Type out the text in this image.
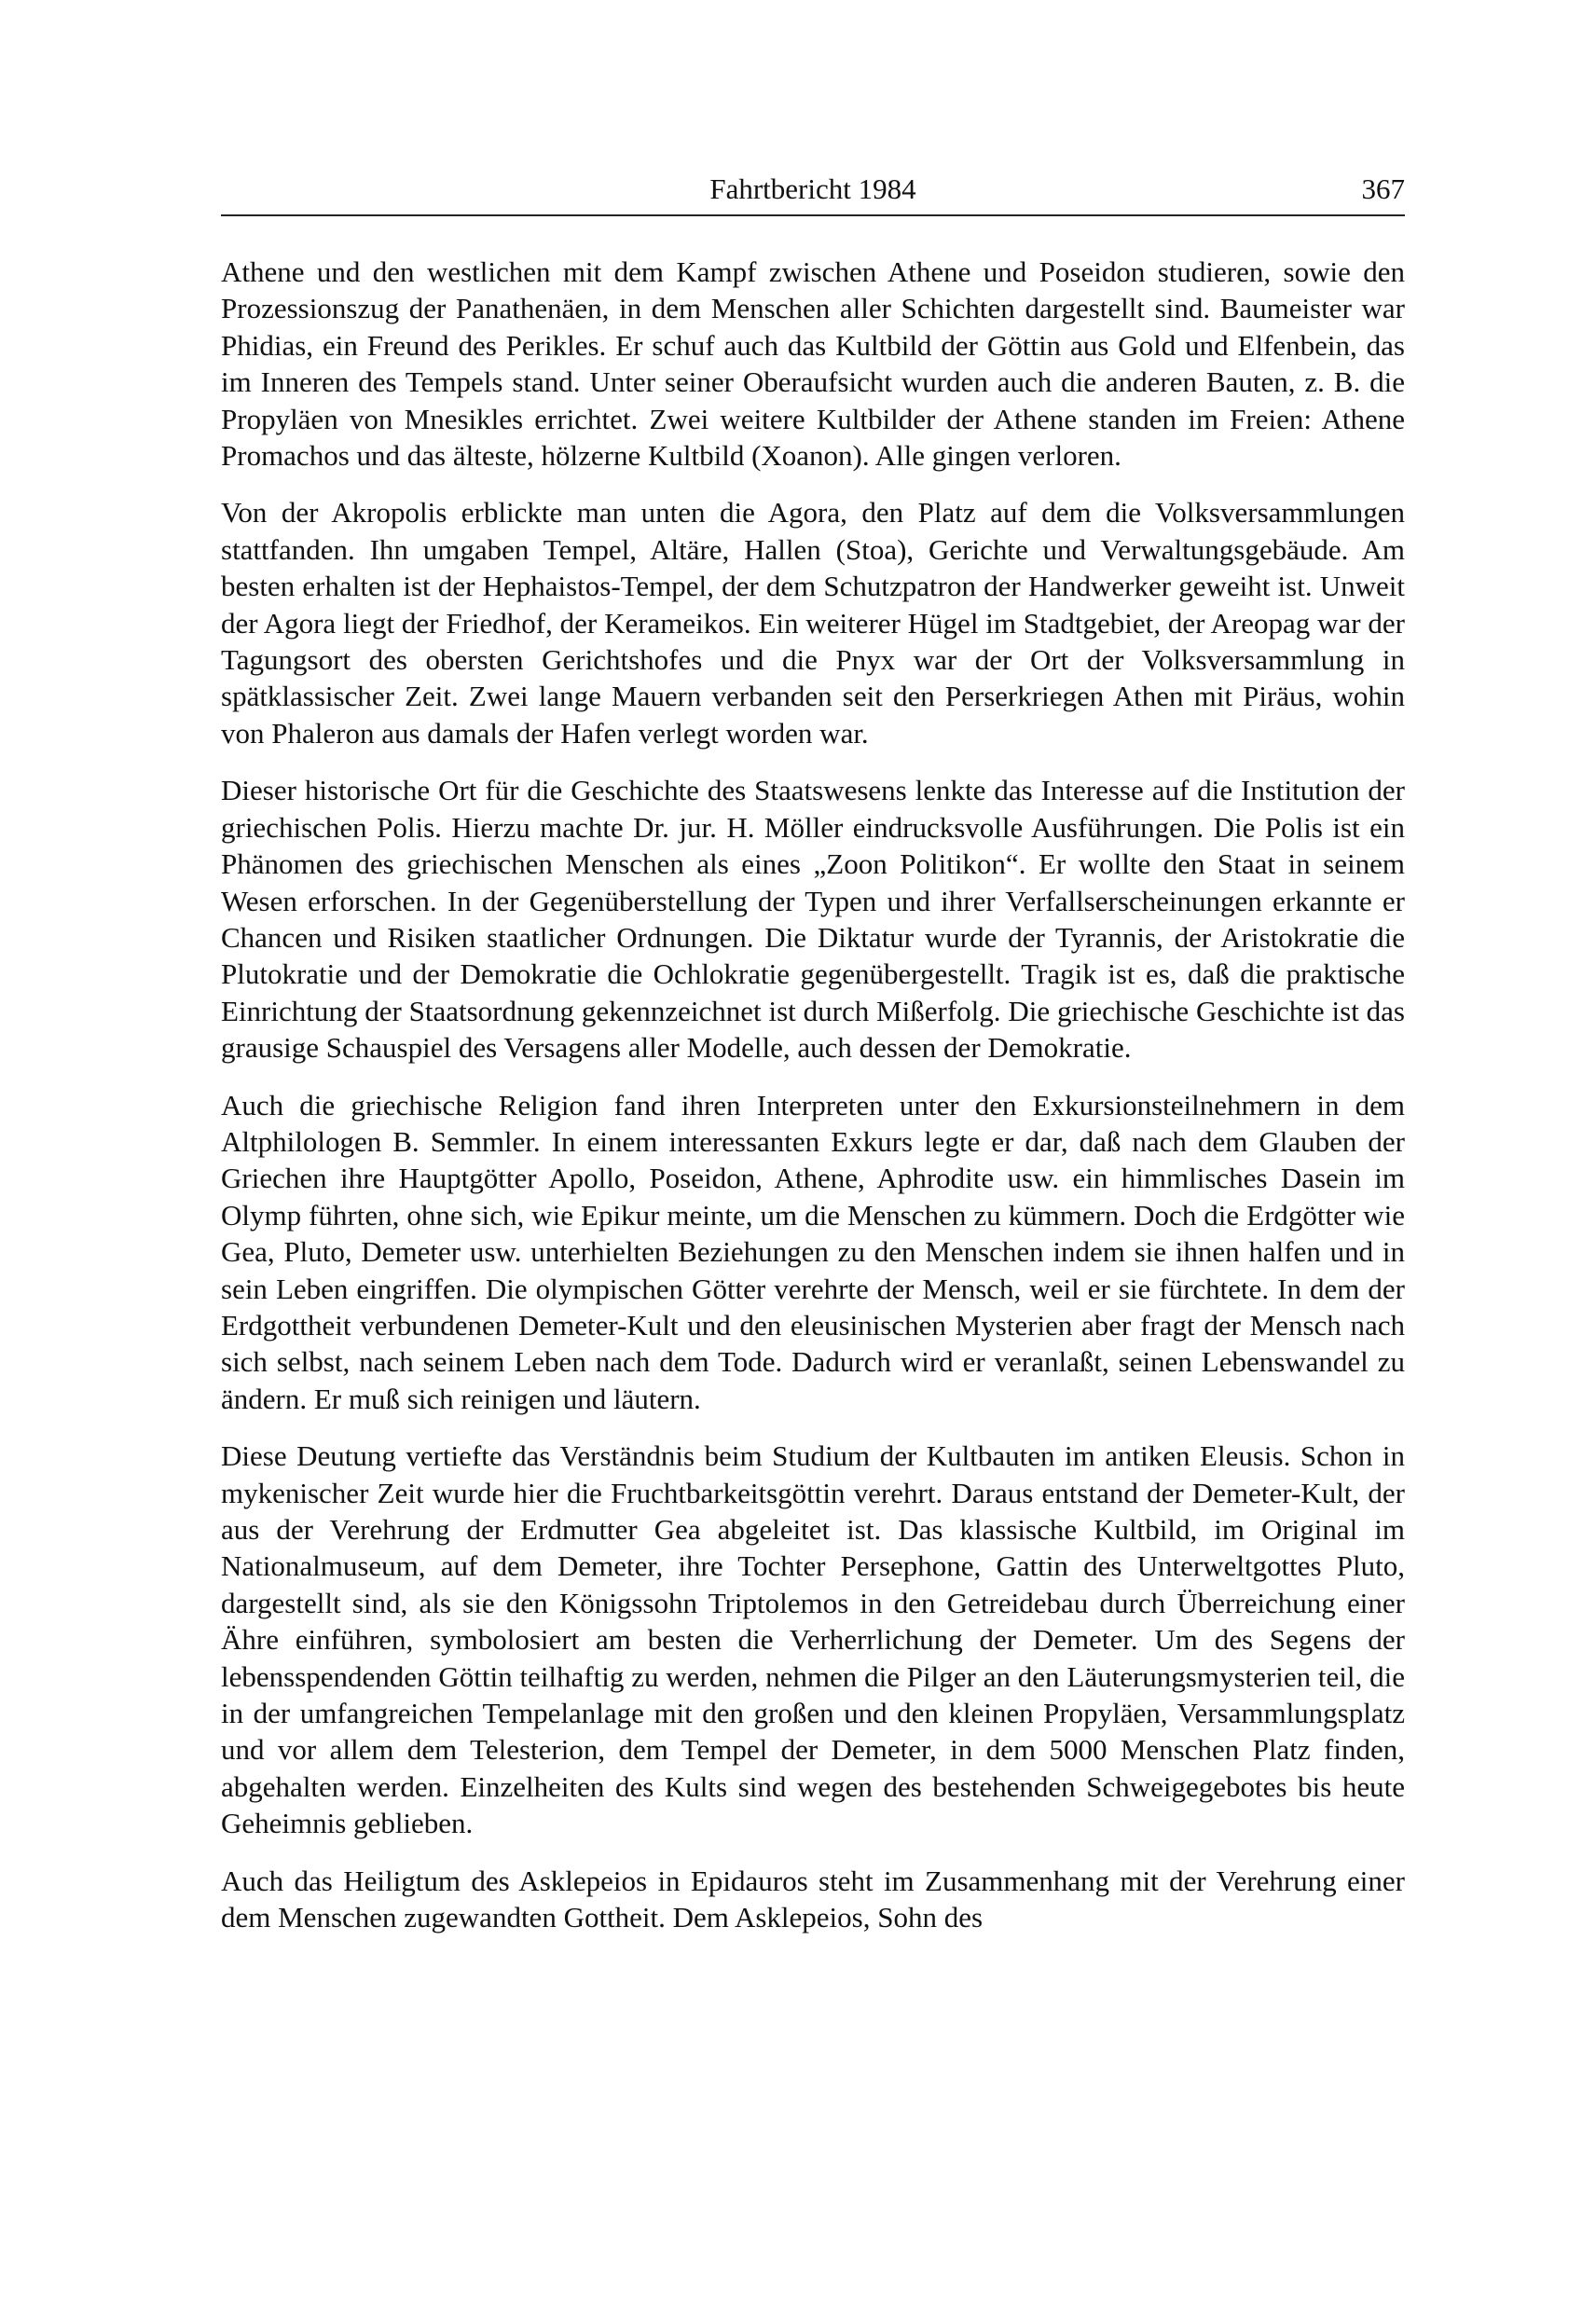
Fahrtbericht 1984	367

Athene und den westlichen mit dem Kampf zwischen Athene und Poseidon studieren, sowie den Prozessionszug der Panathenäen, in dem Menschen aller Schichten dargestellt sind. Baumeister war Phidias, ein Freund des Perikles. Er schuf auch das Kultbild der Göttin aus Gold und Elfenbein, das im Inneren des Tempels stand. Unter seiner Oberaufsicht wurden auch die anderen Bauten, z. B. die Propyläen von Mnesikles errichtet. Zwei weitere Kultbilder der Athene standen im Freien: Athene Promachos und das älteste, hölzerne Kultbild (Xoanon). Alle gingen verloren.

Von der Akropolis erblickte man unten die Agora, den Platz auf dem die Volksversammlungen stattfanden. Ihn umgaben Tempel, Altäre, Hallen (Stoa), Gerichte und Verwaltungsgebäude. Am besten erhalten ist der Hephaistos-Tempel, der dem Schutzpatron der Handwerker geweiht ist. Unweit der Agora liegt der Friedhof, der Kerameikos. Ein weiterer Hügel im Stadtgebiet, der Areopag war der Tagungsort des obersten Gerichtshofes und die Pnyx war der Ort der Volksversammlung in spätklassischer Zeit. Zwei lange Mauern verbanden seit den Perserkriegen Athen mit Piräus, wohin von Phaleron aus damals der Hafen verlegt worden war.

Dieser historische Ort für die Geschichte des Staatswesens lenkte das Interesse auf die Institution der griechischen Polis. Hierzu machte Dr. jur. H. Möller eindrucksvolle Ausführungen. Die Polis ist ein Phänomen des griechischen Menschen als eines „Zoon Politikon“. Er wollte den Staat in seinem Wesen erforschen. In der Gegenüberstellung der Typen und ihrer Verfallserscheinungen erkannte er Chancen und Risiken staatlicher Ordnungen. Die Diktatur wurde der Tyrannis, der Aristokratie die Plutokratie und der Demokratie die Ochlokratie gegenübergestellt. Tragik ist es, daß die praktische Einrichtung der Staatsordnung gekennzeichnet ist durch Mißerfolg. Die griechische Geschichte ist das grausige Schauspiel des Versagens aller Modelle, auch dessen der Demokratie.

Auch die griechische Religion fand ihren Interpreten unter den Exkursionsteilnehmern in dem Altphilologen B. Semmler. In einem interessanten Exkurs legte er dar, daß nach dem Glauben der Griechen ihre Hauptgötter Apollo, Poseidon, Athene, Aphrodite usw. ein himmlisches Dasein im Olymp führten, ohne sich, wie Epikur meinte, um die Menschen zu kümmern. Doch die Erdgötter wie Gea, Pluto, Demeter usw. unterhielten Beziehungen zu den Menschen indem sie ihnen halfen und in sein Leben eingriffen. Die olympischen Götter verehrte der Mensch, weil er sie fürchtete. In dem der Erdgottheit verbundenen Demeter-Kult und den eleusinischen Mysterien aber fragt der Mensch nach sich selbst, nach seinem Leben nach dem Tode. Dadurch wird er veranlaßt, seinen Lebenswandel zu ändern. Er muß sich reinigen und läutern.

Diese Deutung vertiefte das Verständnis beim Studium der Kultbauten im antiken Eleusis. Schon in mykenischer Zeit wurde hier die Fruchtbarkeitsgöttin verehrt. Daraus entstand der Demeter-Kult, der aus der Verehrung der Erdmutter Gea abgeleitet ist. Das klassische Kultbild, im Original im Nationalmuseum, auf dem Demeter, ihre Tochter Persephone, Gattin des Unterweltgottes Pluto, dargestellt sind, als sie den Königssohn Triptolemos in den Getreidebau durch Überreichung einer Ähre einführen, symbolosiert am besten die Verherrlichung der Demeter. Um des Segens der lebensspendenden Göttin teilhaftig zu werden, nehmen die Pilger an den Läuterungsmysterien teil, die in der umfangreichen Tempelanlage mit den großen und den kleinen Propyläen, Versammlungsplatz und vor allem dem Telesterion, dem Tempel der Demeter, in dem 5000 Menschen Platz finden, abgehalten werden. Einzelheiten des Kults sind wegen des bestehenden Schweigegebotes bis heute Geheimnis geblieben.

Auch das Heiligtum des Asklepeios in Epidauros steht im Zusammenhang mit der Verehrung einer dem Menschen zugewandten Gottheit. Dem Asklepeios, Sohn des
